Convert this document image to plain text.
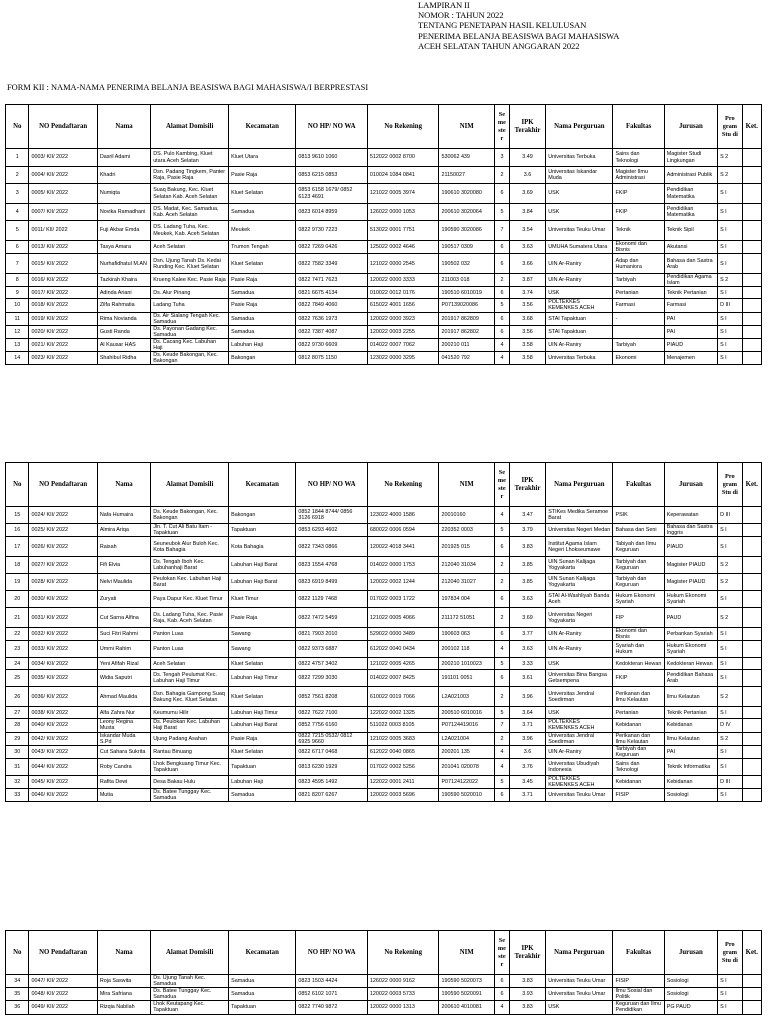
LAMPIRAN II
NOMOR : TAHUN 2022
TENTANG PENETAPAN HASIL KELULUSAN
PENERIMA BELANJA BEASISWA BAGI MAHASISWA
ACEH SELATAN TAHUN ANGGARAN 2022
FORM KII : NAMA-NAMA PENERIMA BELANJA BEASISWA BAGI MAHASISWA/I BERPRESTASI
No	NO Pendaftaran	Nama	Alamat Domisili	Kecamatan	NO HP/ NO WA	No Rekening	NIM	Se me ste r	IPK Terakhir	Nama Perguruan	Fakultas	Jurusan	Pro gram Stu di	Ket.
1	0003/ KII/ 2022	Dasril Adami	DS. Pulo Kambing, Kluet utara Aceh Selatan	Kluet Utara	0813 9610 1060	512022 0002 8700	530062 439	3	3.49	Universitas Terbuka	Sains dan Teknologi	Magister Studi Lingkungan	S 2	
2	0004/ KII/ 2022	Khadri	Dsn. Padang Tingkem, Panter Raja, Pasie Raja	Pasie Raja	0853 6215 0853	010024 1084 0841	21150027	2	3.6	Universitas Iskandar Muda	Magister Ilmu Administrasi	Administrasi Publik	S 2	
3	0005/ KII/ 2022	Numiqta	Suaq Bakung, Kec. Kluet Selatan Kab. Aceh Selatan	Kluet Selatan	0853 6158 1679/ 0852 6123 4691	121022 0005 3974	190610 3020080	6	3.69	USK	FKIP	Pendidikan Matematika	S I	
4	0007/ KII/ 2022	Novika Ramadhani	DS. Madat, Kec. Samadua, Kab. Aceh Selatan	Samadua	0823 6014 8959	126022 0000 1053	200610 3020064	5	3.84	USK	FKIP	Pendidikan Matematika	S I	
5	0011/ KII/ 2022	Fuji Akbar Emda	DS. Ladang Tuha, Kec. Meukek, Kab. Aceh Selatan	Meukek	0822 9730 7223	513022 0001 7751	190590 3020086	7	3.54	Universitas Teuku Umar	Teknik	Teknik Sipil	S I	
6	0013/ KII/ 2022	Tasya Amara	Aceh Selatan	Trumon Tengah	0822 7269 0426	125022 0002 4646	190517 0309	6	3.63	UMUHA Sumatera Utara	Ekonomi dan Bisnis	Akutansi	S I	
7	0015/ KII/ 2022	Nurhafidhatul M.AN	Dsn. Ujung Tanah Ds. Kedai Runding Kec. Kluet Selatan	Kluet Selatan	0822 7582 3349	121022 0000 2545	190502 032	6	3.66	UIN Ar-Raniry	Adap dan Humaniora	Bahasa dan Sastra Arab	S I	
8	0016/ KII/ 2022	Tazkirah Khaira	Krueng Kalee Kec. Pasie Raja	Pasie Raja	0822 7471 7623	120022 0000 3333	211003 018	2	3.87	UIN Ar-Raniry	Tarbiyah	Pendidikan Agama Islam	S 2	
9	0017/ KII/ 2022	Adinda Ariani	Ds. Alur Pinang	Samadua	0821 6675 4134	010022 0012 0176	190510 6010019	6	3.74	USK	Pertanian	Teknik Pertanian	S I	
10	0018/ KII/ 2022	Zilfa Rahmatia	Ladang Tuha	Pasie Raja	0822 7849 4060	615022 4001 1656	P07139020086	5	3.56	POLTEKKES KEMENKES ACEH	Farmasi	Farmasi	D III	
11	0019/ KII/ 2022	Rima Novianda	Ds. Air Sialang Tengah Kec. Samadua	Samadua	0822 7636 1973	120022 0000 3923	201917 862809	6	3.68	STAI Tapaktuan	-	PAI	S I	
12	0020/ KII/ 2022	Gusti Randa	Ds. Payonan Gadang Kec. Samadua	Samadua	0822 7387 4087	120022 0003 2255	201917 862802	6	3.56	STAI Tapaktuan		PAI	S I	
13	0021/ KII/ 2022	Al Kausar HAS	Ds. Cacang Kec. Labuhan Haji	Labuhan Haji	0822 9730 6609	014022 0007 7062	200210 011	4	3.58	UIN Ar-Raniry	Tarbiyah	PIAUD	S I	
14	0023/ KII/ 2022	Shahibul Ridha	Ds. Keude Bakongan, Kec. Bakongan	Bakongan	0812 8075 1150	123022 0000 3295	041520 792	4	3.58	Universitas Terbuka	Ekonomi	Menajemen	S I	
No	NO Pendaftaran	Nama	Alamat Domisili	Kecamatan	NO HP/ NO WA	No Rekening	NIM	Se me ste r	IPK Terakhir	Nama Perguruan	Fakultas	Jurusan	Pro gram Stu di	Ket.
15	0024/ KII/ 2022	Nafa Humaira	Ds. Keude Bakongan, Kec. Bakongan	Bakongan	0852 1844 8744/ 0856 3126 6918	123022 4000 1586	20010160	4	3.47	STIKes Medika Seramoe Barat	PSIK	Keperawatan	D III	
16	0025/ KII/ 2022	Almira Ariqa	Jln. T. Cut Ali Batu Itam - Tapaktuan	Tapaktuan	0853 6293 4602	680022 0006 0594	220352 0003	5	3.79	Universitas Negeri Medan	Bahasa dan Seni	Bahasa dan Sastra Inggris	S I	
17	0026/ KII/ 2022	Raisah	Seuneubok Alur Buloh Kec. Kota Bahagia	Kota Bahagia	0822 7343 0866	120022 4018 3441	201925 015	6	3.83	Institut Agama Islam Negeri Lhokseumawe	Tabiyah dan Ilmu Keguruan	PIAUD	S I	
18	0027/ KII/ 2022	Fifi Elvia	Ds. Tengah Iboh Kec. Labuhanhaji Barat	Labuhan Haji Barat	0823 1554 4768	014022 0000 1753	212040 31034	2	3.85	UIN Sunan Kalijaga Yogyakarta	Tarbiyah dan Keguruan	Magister PIAUD	S 2	
19	0028/ KII/ 2022	Nelvi Maulida	Peulokan Kec. Labuhan Haji Barat	Labuhan Haji Barat	0823 6919 8499	120022 0002 1244	212040 31027	2	3.85	UIN Sunan Kalijaga Yogyakarta	Tarbiyah dan Keguruan	Magister PIAUD	S 2	
20	0030/ KII/ 2022	Zuryati	Paya Dapur Kec. Kluet Timur	Kluet Timur	0822 1129 7468	017022 0003 1722	197834 004	6	3.63	STAI Al-Washliyah Banda Aceh	Hukum Ekonomi Syariah	Hukum Ekonomi Syariah	S I	
21	0031/ KII/ 2022	Cut Sarna Alfina	Ds. Ladang Tuha, Kec. Pasie Raja, Kab. Aceh Selatan	Pasie Raja	0822 7472 5459	121022 0005 4066	211172 51051	2	3.69	Universitas Negeri Yogyakarta	FIP	PAUD	S 2	
22	0032/ KII/ 2022	Suci Fitri Rahmi	Panton Luas	Sawang	0821 7903 2010	529022 0000 3489	190603 063	6	3.77	UIN Ar-Raniry	Ekonomi dan Bisnis	Perbankan Syariah	S I	
23	0033/ KII/ 2022	Ummi Rahim	Panton Luas	Sawang	0822 9373 6887	612022 0040 0434	200102 118	4	3.63	UIN Ar-Raniry	Syariah dan Hukum	Hukum Ekonomi Syariah	S I	
24	0034/ KII/ 2022	Yeni Afifah Rizal	Aceh Selatan	Kluet Selatan	0822 4757 3402	121022 0005 4265	200210 1010023	5	3.33	USK	Kedokteran Hewan	Kedokteran Hewan	S I	
25	0035/ KII/ 2022	Widia Saputri	Ds. Tengah Peulumat Kec. Labuhan Haji Timur	Labuhan Haji Timur	0822 7299 3030	014022 0007 8425	191101 0051	6	3.61	Universitas Bina Bangsa Getsempena	FKIP	Pendidikan Bahasa Arab	S I	
26	0036/ KII/ 2022	Ahmad Maulida	Dsn. Bahagia Gampong Suaq Bakung Kec. Kluet Selatan	Kluet Selatan	0852 7561 8208	610022 0019 7066	L2A021003	2	3.96	Universitas Jendral Soedirman	Perikanan dan Ilmu Kelautan	Ilmu Kelautan	S 2	
27	0038/ KII/ 2022	Alfa Zahra Nur	Keumumu Hilir	Labuhan Haji Timur	0822 7622 7100	122022 0002 1325	200510 6010016	5	3.64	USK	Pertanian	Teknik Pertanian	S I	
28	0040/ KII/ 2022	Leony Regina Musta	Ds. Peulokan Kec. Labuhan Haji Barat	Labuhan Haji Barat	0852 7756 6160	511022 0003 8105	P07124419016	7	3.71	POLTEKKES KEMENKES ACEH	Kebidanan	Kebidanan	D IV	
29	0042/ KII/ 2022	Iskandar Muda S.Pd	Ujung Padang Asahan	Pasie Raja	0822 7215 0532/ 0812 6925 9660	121022 0005 3683	L2A021004	2	3.96	Universitas Jendral Soedirman	Perikanan dan Ilmu Kelautan	Ilmu Kelautan	S 2	
30	0043/ KII/ 2022	Cut Sahara Sukrita	Rantau Binuang	Kluet Selatan	0822 6717 0468	612022 0040 0865	200201 135	4	3.6	UIN Ar-Raniry	Tarbiyah dan Keguruan	PAI	S I	
31	0044/ KII/ 2022	Roby Candra	Lhok Bengkuang Timur Kec. Tapaktuan	Tapaktuan	0813 6230 1929	017022 0002 5256	201041 020078	4	3.76	Universitas Ubudiyah Indonesia	Sains dan Teknologi	Teknik Informatika	S I	
32	0045/ KII/ 2022	Rafita Dewi	Desa Bakau Hulu	Labuhan Haji	0823 4595 1492	122022 0001 2411	P07124122022	5	3.45	POLTEKKES KEMENKES ACEH	Kebidanan	Kebidanan	D III	
33	0046/ KII/ 2022	Mutia	Ds. Batee Tunggay Kec. Samadua	Samadua	0821 8207 6267	120022 0003 5696	190590 5020010	6	3.71	Universitas Teuku Umar	FISIP	Sosiologi	S I	
No	NO Pendaftaran	Nama	Alamat Domisili	Kecamatan	NO HP/ NO WA	No Rekening	NIM	Se me ste r	IPK Terakhir	Nama Perguruan	Fakultas	Jurusan	Pro gram Stu di	Ket.
34	0047/ KII/ 2022	Roja Saswita	Ds. Ujung Tanah Kec. Samadua	Samadua	0823 1503 4424	126022 0000 9162	190590 5020073	6	3.83	Universitas Teuku Umar	FISIP	Sosiologi	S I	
35	0048/ KII/ 2022	Mira Safriana	Ds. Batee Tunggay Kec. Samadua	Samadua	0852 6102 1071	120022 0003 5733	190590 5020091	6	3.93	Universitas Teuku Umar	Ilmu Sosial dan Politik	Sosiologi	S I	
36	0049/ KII/ 2022	Rizqia Nabilah	Lhok Keutapang Kec. Tapaktuan	Tapaktuan	0822 7740 9872	120022 0000 1313	200610 4010081	4	3.83	USK	Keguruan dan Ilmu Pendidikan	PG PAUD	S I	
